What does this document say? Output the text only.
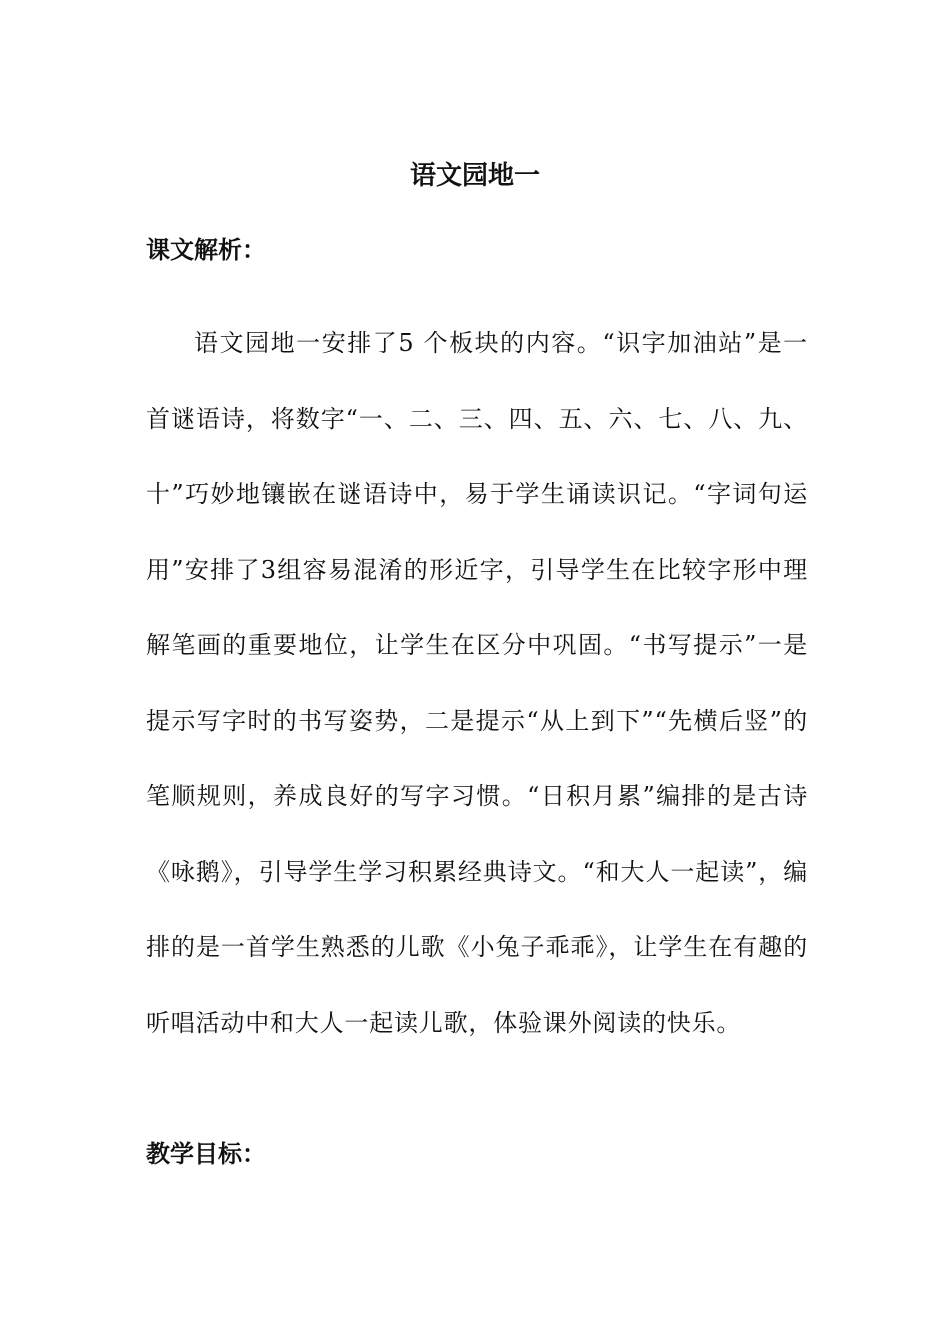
语文园地一
课文解析：

语文园地一安排了5 个板块的内容。“识字加油站”是一首谜语诗，将数字“一、二、三、四、五、六、七、八、九、十”巧妙地镶嵌在谜语诗中，易于学生诵读识记。“字词句运用”安排了3组容易混淆的形近字，引导学生在比较字形中理解笔画的重要地位，让学生在区分中巩固。“书写提示”一是提示写字时的书写姿势，二是提示“从上到下”“先横后竖”的笔顺规则，养成良好的写字习惯。“日积月累”编排的是古诗《咏鹅》，引导学生学习积累经典诗文。“和大人一起读”，编排的是一首学生熟悉的儿歌《小兔子乖乖》，让学生在有趣的听唱活动中和大人一起读儿歌，体验课外阅读的快乐。

教学目标：
